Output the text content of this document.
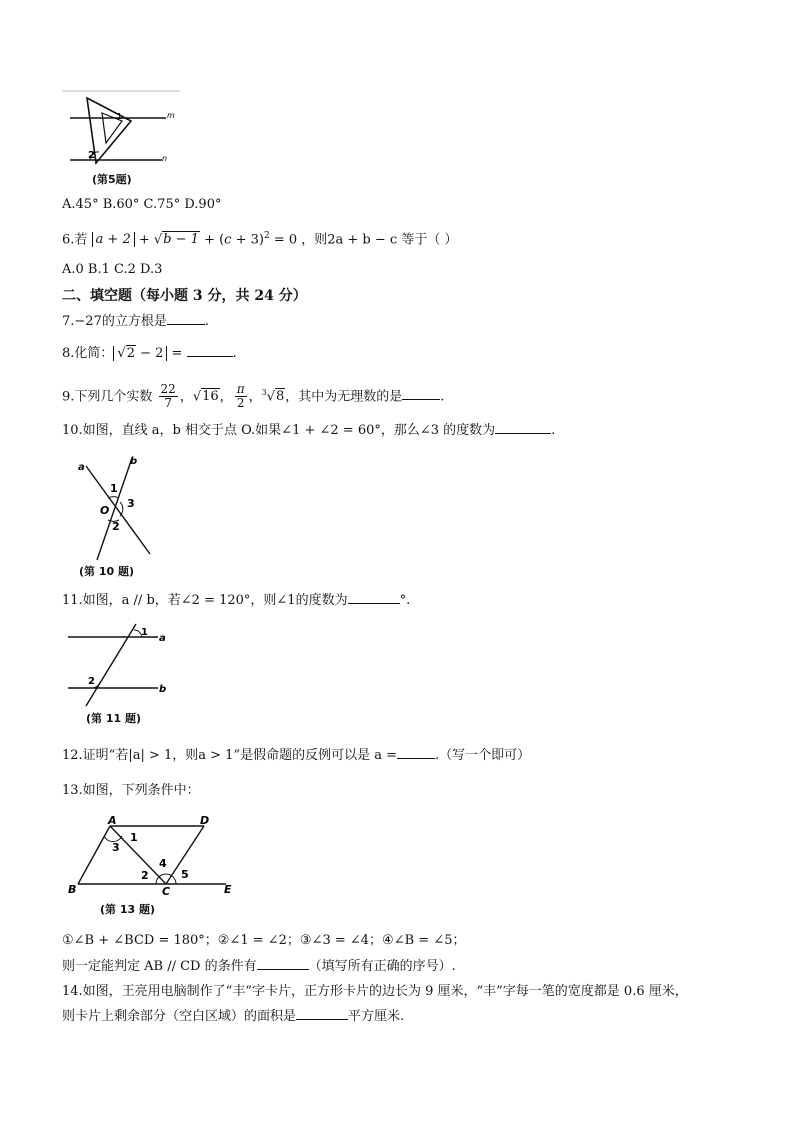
m
n
1
2
(第5题)
A.45° B.60° C.75° D.90°
6.若 $a + 2 + √b - 1 + (c + 3)^2 = 0$ ，则2a + b − c 等于（ ）
A.0 B.1 C.2 D.3
二、填空题（每小题 3 分，共 24 分）
7.−27的立方根是	.
8.化简： √2 − 2 =	.
9.下列几个实数 $\frac{22}{7}$ ，√16， $\frac{\pi}{2}$ ，$^3$√8，其中为无理数的是	.
10.如图，直线 a，b 相交于点 O.如果∠1 + ∠2 = 60°，那么∠3 的度数为	.
a
b
O
1
2
3
(第 10 题)
11.如图，a // b，若∠2 = 120°，则∠1的度数为	°.
1
a
2
b
(第 11 题)
12.证明“若|a| > 1，则a > 1”是假命题的反例可以是 a =	.（写一个即可）
13.如图，下列条件中：
A	D
B	C	E
1
3
4
2	5
(第 13 题)
①∠B + ∠BCD = 180°；②∠1 = ∠2；③∠3 = ∠4；④∠B = ∠5；
则一定能判定 AB // CD 的条件有	（填写所有正确的序号）.
14.如图，王亮用电脑制作了“丰”字卡片，正方形卡片的边长为 9 厘米，“丰”字每一笔的宽度都是 0.6 厘米，
则卡片上剩余部分（空白区域）的面积是	平方厘米.
